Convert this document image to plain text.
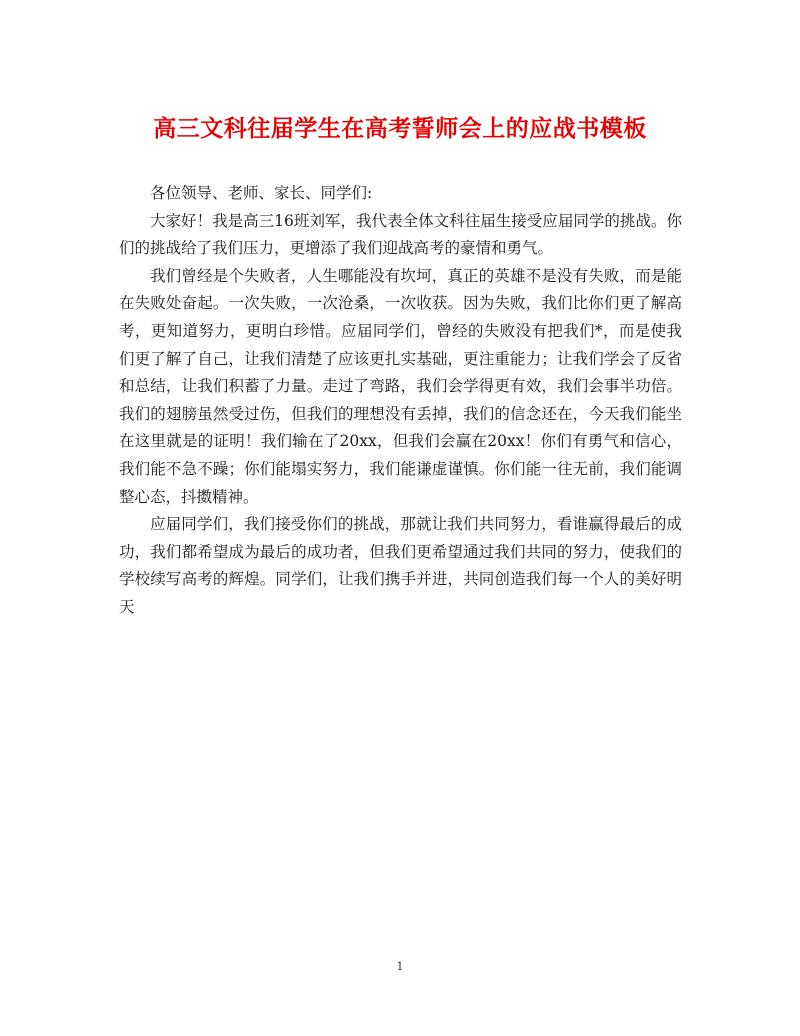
高三文科往届学生在高考誓师会上的应战书模板

各位领导、老师、家长、同学们:

大家好！我是高三16班刘军，我代表全体文科往届生接受应届同学的挑战。你们的挑战给了我们压力，更增添了我们迎战高考的豪情和勇气。

我们曾经是个失败者，人生哪能没有坎坷，真正的英雄不是没有失败，而是能在失败处奋起。一次失败，一次沧桑，一次收获。因为失败，我们比你们更了解高考，更知道努力，更明白珍惜。应届同学们，曾经的失败没有把我们*，而是使我们更了解了自己，让我们清楚了应该更扎实基础，更注重能力；让我们学会了反省和总结，让我们积蓄了力量。走过了弯路，我们会学得更有效，我们会事半功倍。我们的翅膀虽然受过伤，但我们的理想没有丢掉，我们的信念还在，今天我们能坐在这里就是的证明！我们输在了20xx，但我们会赢在20xx！你们有勇气和信心，我们能不急不躁；你们能塌实努力，我们能谦虚谨慎。你们能一往无前，我们能调整心态，抖擞精神。

应届同学们，我们接受你们的挑战，那就让我们共同努力，看谁赢得最后的成功，我们都希望成为最后的成功者，但我们更希望通过我们共同的努力，使我们的学校续写高考的辉煌。同学们，让我们携手并进，共同创造我们每一个人的美好明天

1
